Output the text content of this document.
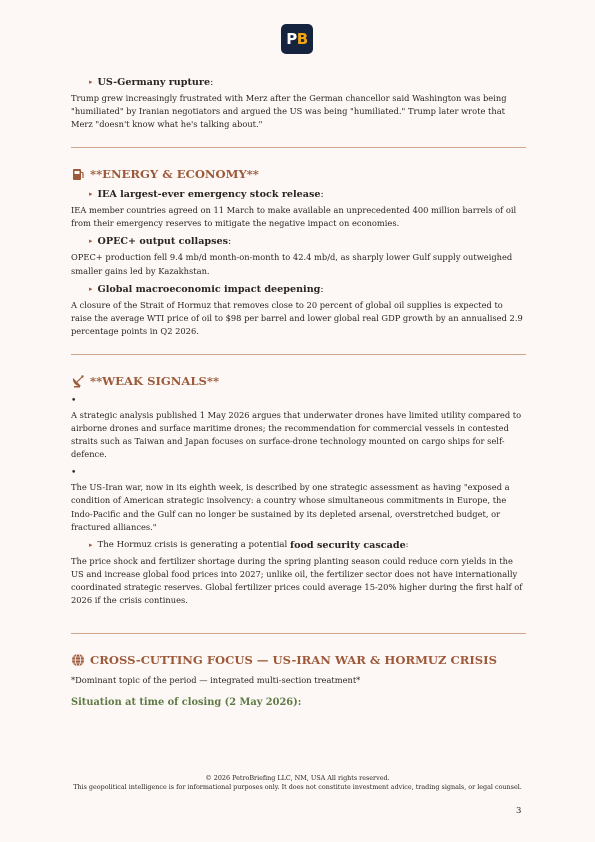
P B
▸ US-Germany rupture :

Trump grew increasingly frustrated with Merz after the German chancellor said Washington was being "humiliated" by Iranian negotiators and argued the US was being "humiliated." Trump later wrote that Merz "doesn't know what he's talking about."

**ENERGY & ECONOMY**
▸ IEA largest-ever emergency stock release :

IEA member countries agreed on 11 March to make available an unprecedented 400 million barrels of oil from their emergency reserves to mitigate the negative impact on economies.

▸ OPEC+ output collapses :

OPEC+ production fell 9.4 mb/d month-on-month to 42.4 mb/d, as sharply lower Gulf supply outweighed smaller gains led by Kazakhstan.

▸ Global macroeconomic impact deepening :

A closure of the Strait of Hormuz that removes close to 20 percent of global oil supplies is expected to raise the average WTI price of oil to $98 per barrel and lower global real GDP growth by an annualised 2.9 percentage points in Q2 2026.

**WEAK SIGNALS**
•

A strategic analysis published 1 May 2026 argues that underwater drones have limited utility compared to airborne drones and surface maritime drones; the recommendation for commercial vessels in contested straits such as Taiwan and Japan focuses on surface-drone technology mounted on cargo ships for self-defence.

•

The US-Iran war, now in its eighth week, is described by one strategic assessment as having "exposed a condition of American strategic insolvency: a country whose simultaneous commitments in Europe, the Indo-Pacific and the Gulf can no longer be sustained by its depleted arsenal, overstretched budget, or fractured alliances."

▸ The Hormuz crisis is generating a potential food security cascade :

The price shock and fertilizer shortage during the spring planting season could reduce corn yields in the US and increase global food prices into 2027; unlike oil, the fertilizer sector does not have internationally coordinated strategic reserves. Global fertilizer prices could average 15-20% higher during the first half of 2026 if the crisis continues.

CROSS-CUTTING FOCUS — US-IRAN WAR & HORMUZ CRISIS

*Dominant topic of the period — integrated multi-section treatment*

Situation at time of closing (2 May 2026):

© 2026 PetroBriefing LLC, NM, USA All rights reserved.
This geopolitical intelligence is for informational purposes only. It does not constitute investment advice, trading signals, or legal counsel.
3
